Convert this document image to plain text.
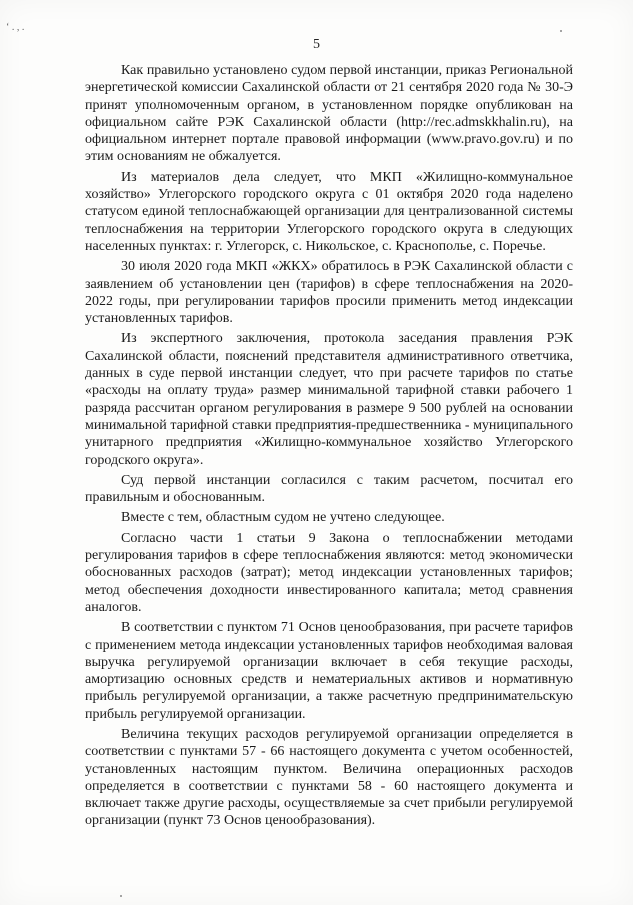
‘ . , .
5

Как правильно установлено судом первой инстанции, приказ Региональной энергетической комиссии Сахалинской области от 21 сентября 2020 года № 30-Э принят уполномоченным органом, в установленном порядке опубликован на официальном сайте РЭК Сахалинской области (http://rec.admskkhalin.ru), на официальном интернет портале правовой информации (www.pravo.gov.ru) и по этим основаниям не обжалуется.

Из материалов дела следует, что МКП «Жилищно-коммунальное хозяйство» Углегорского городского округа с 01 октября 2020 года наделено статусом единой теплоснабжающей организации для централизованной системы теплоснабжения на территории Углегорского городского округа в следующих населенных пунктах: г. Углегорск, с. Никольское, с. Краснополье, с. Поречье.

30 июля 2020 года МКП «ЖКХ» обратилось в РЭК Сахалинской области с заявлением об установлении цен (тарифов) в сфере теплоснабжения на 2020-2022 годы, при регулировании тарифов просили применить метод индексации установленных тарифов.

Из экспертного заключения, протокола заседания правления РЭК Сахалинской области, пояснений представителя административного ответчика, данных в суде первой инстанции следует, что при расчете тарифов по статье «расходы на оплату труда» размер минимальной тарифной ставки рабочего 1 разряда рассчитан органом регулирования в размере 9 500 рублей на основании минимальной тарифной ставки предприятия-предшественника - муниципального унитарного предприятия «Жилищно-коммунальное хозяйство Углегорского городского округа».

Суд первой инстанции согласился с таким расчетом, посчитал его правильным и обоснованным.

Вместе с тем, областным судом не учтено следующее.

Согласно части 1 статьи 9 Закона о теплоснабжении методами регулирования тарифов в сфере теплоснабжения являются: метод экономически обоснованных расходов (затрат); метод индексации установленных тарифов; метод обеспечения доходности инвестированного капитала; метод сравнения аналогов.

В соответствии с пунктом 71 Основ ценообразования, при расчете тарифов с применением метода индексации установленных тарифов необходимая валовая выручка регулируемой организации включает в себя текущие расходы, амортизацию основных средств и нематериальных активов и нормативную прибыль регулируемой организации, а также расчетную предпринимательскую прибыль регулируемой организации.

Величина текущих расходов регулируемой организации определяется в соответствии с пунктами 57 - 66 настоящего документа с учетом особенностей, установленных настоящим пунктом. Величина операционных расходов определяется в соответствии с пунктами 58 - 60 настоящего документа и включает также другие расходы, осуществляемые за счет прибыли регулируемой организации (пункт 73 Основ ценообразования).
